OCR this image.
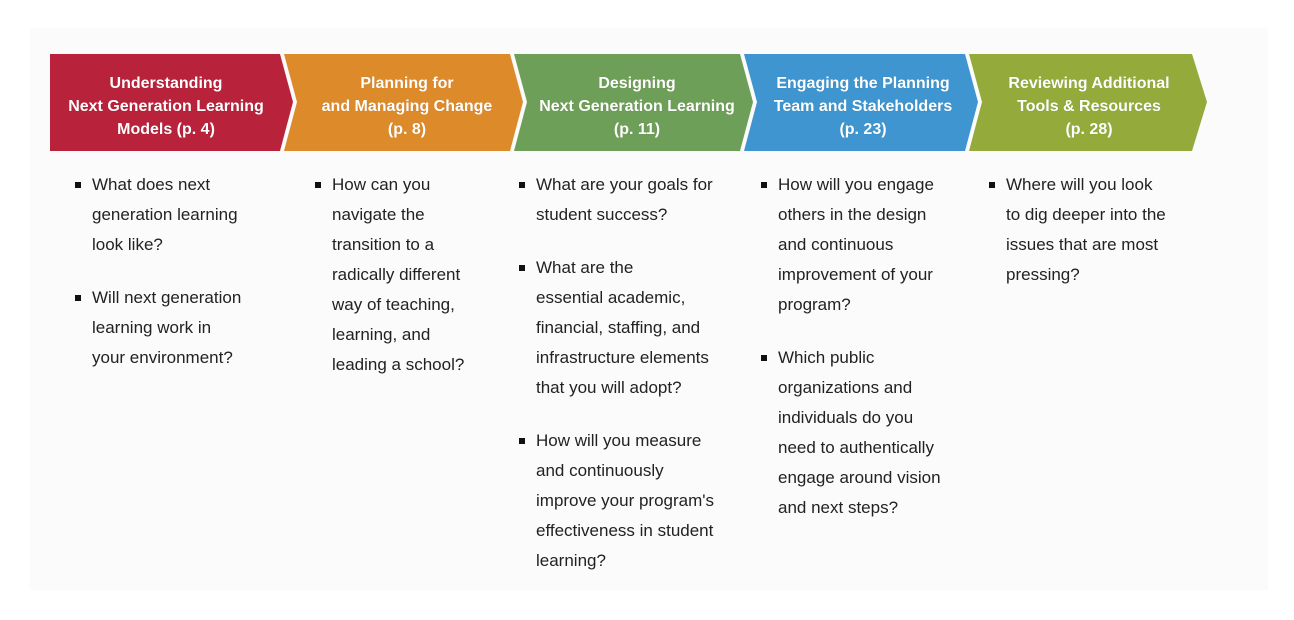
Understanding
Next Generation Learning
Models (p. 4)
Planning for
and Managing Change
(p. 8)
Designing
Next Generation Learning
(p. 11)
Engaging the Planning
Team and Stakeholders
(p. 23)
Reviewing Additional
Tools & Resources
(p. 28)
What does next
generation learning
look like?
Will next generation
learning work in
your environment?
How can you
navigate the
transition to a
radically different
way of teaching,
learning, and
leading a school?
What are your goals for
student success?
What are the
essential academic,
financial, staffing, and
infrastructure elements
that you will adopt?
How will you measure
and continuously
improve your program's
effectiveness in student
learning?
How will you engage
others in the design
and continuous
improvement of your
program?
Which public
organizations and
individuals do you
need to authentically
engage around vision
and next steps?
Where will you look
to dig deeper into the
issues that are most
pressing?
